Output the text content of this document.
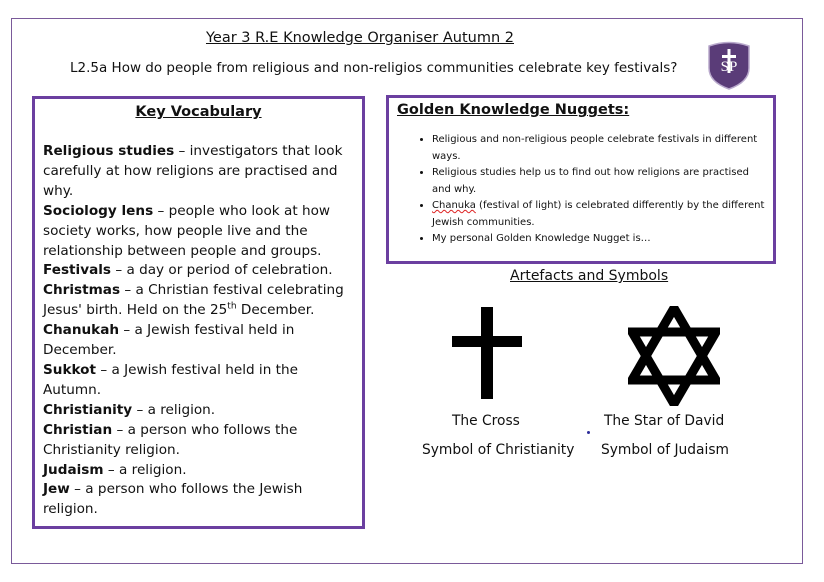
Year 3 R.E Knowledge Organiser Autumn 2
L2.5a How do people from religious and non-religios communities celebrate key festivals?	SP
Key Vocabulary
Religious studies – investigators that look carefully at how religions are practised and why.
Sociology lens – people who look at how society works, how people live and the relationship between people and groups.
Festivals – a day or period of celebration.
Christmas – a Christian festival celebrating Jesus' birth. Held on the 25th December.
Chanukah – a Jewish festival held in December.
Sukkot – a Jewish festival held in the Autumn.
Christianity – a religion.
Christian – a person who follows the Christianity religion.
Judaism – a religion.
Jew – a person who follows the Jewish religion.
Golden Knowledge Nuggets:
• Religious and non-religious people celebrate festivals in different ways.
• Religious studies help us to find out how religions are practised and why.
• Chanuka (festival of light) is celebrated differently by the different Jewish communities.
• My personal Golden Knowledge Nugget is…
Artefacts and Symbols
The Cross	The Star of David
Symbol of Christianity Symbol of Judaism
